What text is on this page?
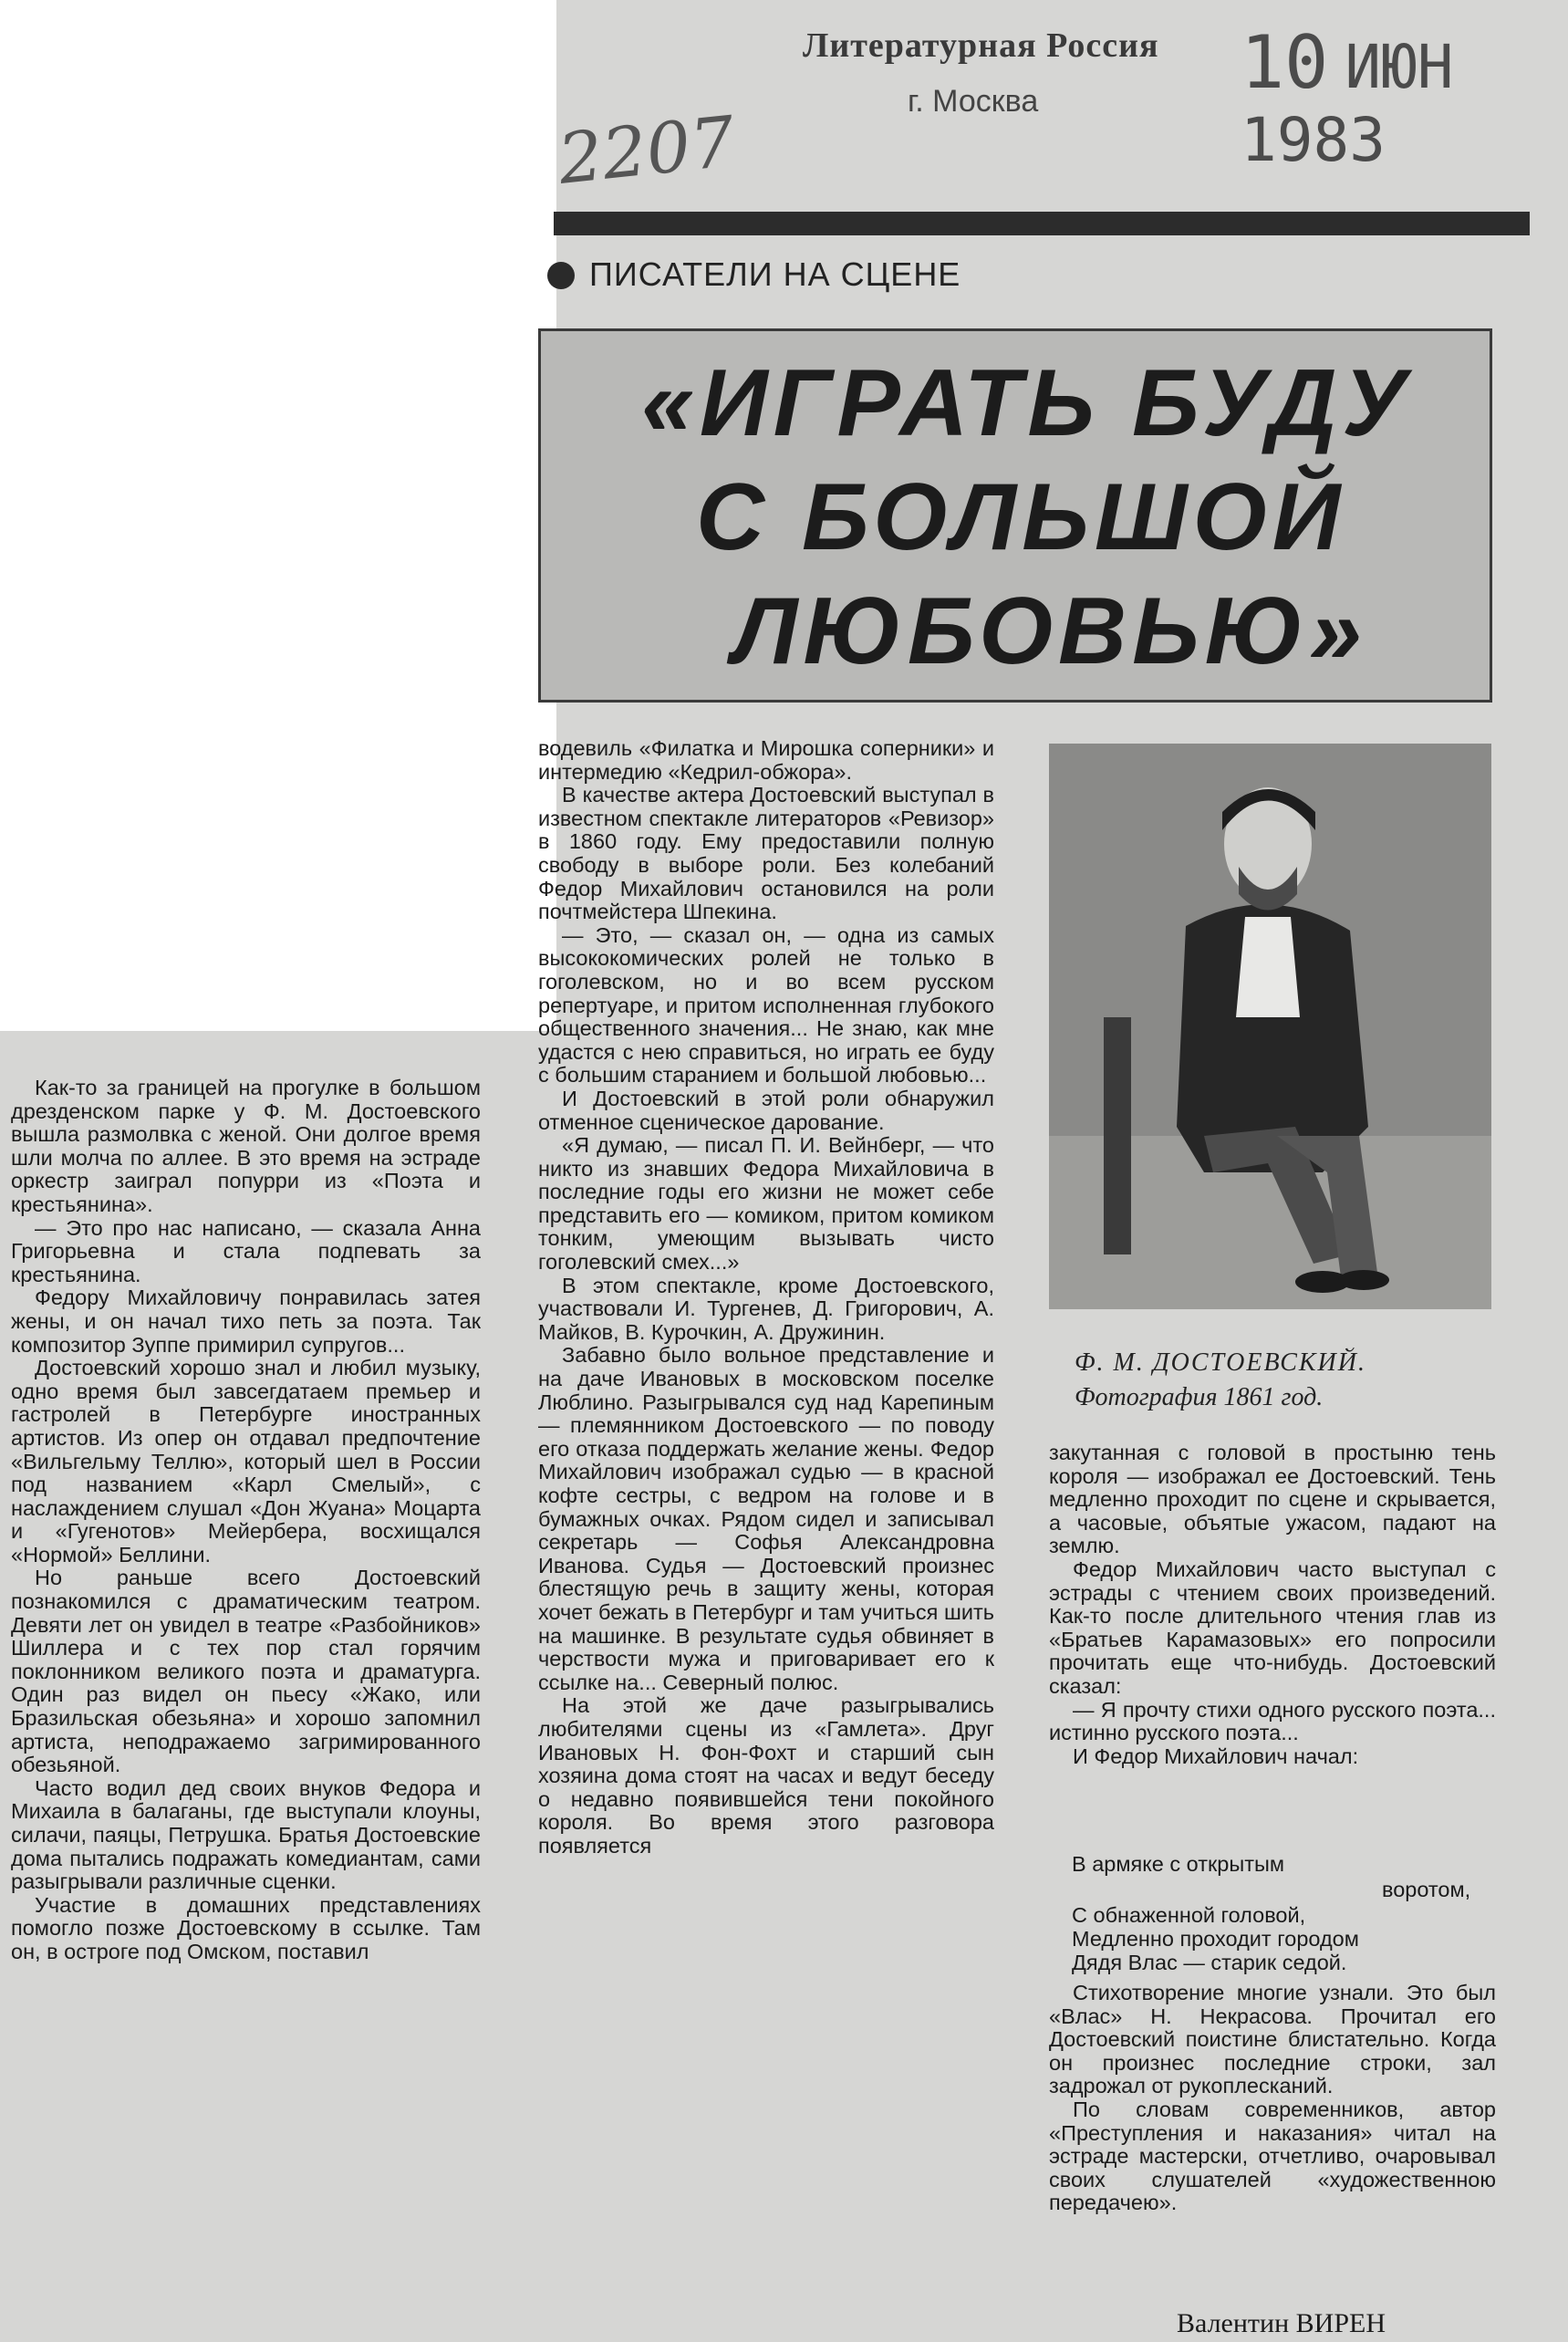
Литературная Россия
г. Москва	10 ИЮН 1983
2207
ПИСАТЕЛИ НА СЦЕНЕ
«ИГРАТЬ БУДУ
С БОЛЬШОЙ
ЛЮБОВЬЮ»

Как-то за границей на прогулке в большом дрезденском парке у Ф. М. Достоевского вышла размолвка с женой. Они долгое время шли молча по аллее. В это время на эстраде оркестр заиграл попурри из «Поэта и крестьянина».

— Это про нас написано, — сказала Анна Григорьевна и стала подпевать за крестьянина.

Федору Михайловичу понравилась затея жены, и он начал тихо петь за поэта. Так композитор Зуппе примирил супругов...

Достоевский хорошо знал и любил музыку, одно время был завсегдатаем премьер и гастролей в Петербурге иностранных артистов. Из опер он отдавал предпочтение «Вильгельму Теллю», который шел в России под названием «Карл Смелый», с наслаждением слушал «Дон Жуана» Моцарта и «Гугенотов» Мейербера, восхищался «Нормой» Беллини.

Но раньше всего Достоевский познакомился с драматическим театром. Девяти лет он увидел в театре «Разбойников» Шиллера и с тех пор стал горячим поклонником великого поэта и драматурга. Один раз видел он пьесу «Жако, или Бразильская обезьяна» и хорошо запомнил артиста, неподражаемо загримированного обезьяной.

Часто водил дед своих внуков Федора и Михаила в балаганы, где выступали клоуны, силачи, паяцы, Петрушка. Братья Достоевские дома пытались подражать комедиантам, сами разыгрывали различные сценки.

Участие в домашних представлениях помогло позже Достоевскому в ссылке. Там он, в остроге под Омском, поставил

водевиль «Филатка и Мирошка соперники» и интермедию «Кедрил-обжора».

В качестве актера Достоевский выступал в известном спектакле литераторов «Ревизор» в 1860 году. Ему предоставили полную свободу в выборе роли. Без колебаний Федор Михайлович остановился на роли почтмейстера Шпекина.

— Это, — сказал он, — одна из самых высококомических ролей не только в гоголевском, но и во всем русском репертуаре, и притом исполненная глубокого общественного значения... Не знаю, как мне удастся с нею справиться, но играть ее буду с большим старанием и большой любовью...

И Достоевский в этой роли обнаружил отменное сценическое дарование.

«Я думаю, — писал П. И. Вейнберг, — что никто из знавших Федора Михайловича в последние годы его жизни не может себе представить его — комиком, притом комиком тонким, умеющим вызывать чисто гоголевский смех...»

В этом спектакле, кроме Достоевского, участвовали И. Тургенев, Д. Григорович, А. Майков, В. Курочкин, А. Дружинин.

Забавно было вольное представление и на даче Ивановых в московском поселке Люблино. Разыгрывался суд над Карепиным — племянником Достоевского — по поводу его отказа поддержать желание жены. Федор Михайлович изображал судью — в красной кофте сестры, с ведром на голове и в бумажных очках. Рядом сидел и записывал секретарь — Софья Александровна Иванова. Судья — Достоевский произнес блестящую речь в защиту жены, которая хочет бежать в Петербург и там учиться шить на машинке. В результате судья обвиняет в черствости мужа и приговаривает его к ссылке на... Северный полюс.

На этой же даче разыгрывались любителями сцены из «Гамлета». Друг Ивановых Н. Фон-Фохт и старший сын хозяина дома стоят на часах и ведут беседу о недавно появившейся тени покойного короля. Во время этого разговора появляется

Ф. М. ДОСТОЕВСКИЙ.
Фотография 1861 год.

закутанная с головой в простыню тень короля — изображал ее Достоевский. Тень медленно проходит по сцене и скрывается, а часовые, объятые ужасом, падают на землю.

Федор Михайлович часто выступал с эстрады с чтением своих произведений. Как-то после длительного чтения глав из «Братьев Карамазовых» его попросили прочитать еще что-нибудь. Достоевский сказал:

— Я прочту стихи одного русского поэта... истинно русского поэта...

И Федор Михайлович начал:

В армяке с открытым
воротом,
С обнаженной головой,
Медленно проходит городом
Дядя Влас — старик седой.

Стихотворение многие узнали. Это был «Влас» Н. Некрасова. Прочитал его Достоевский поистине блистательно. Когда он произнес последние строки, зал задрожал от рукоплесканий.

По словам современников, автор «Преступления и наказания» читал на эстраде мастерски, отчетливо, очаровывал своих слушателей «художественною передачею».

Валентин ВИРЕН
